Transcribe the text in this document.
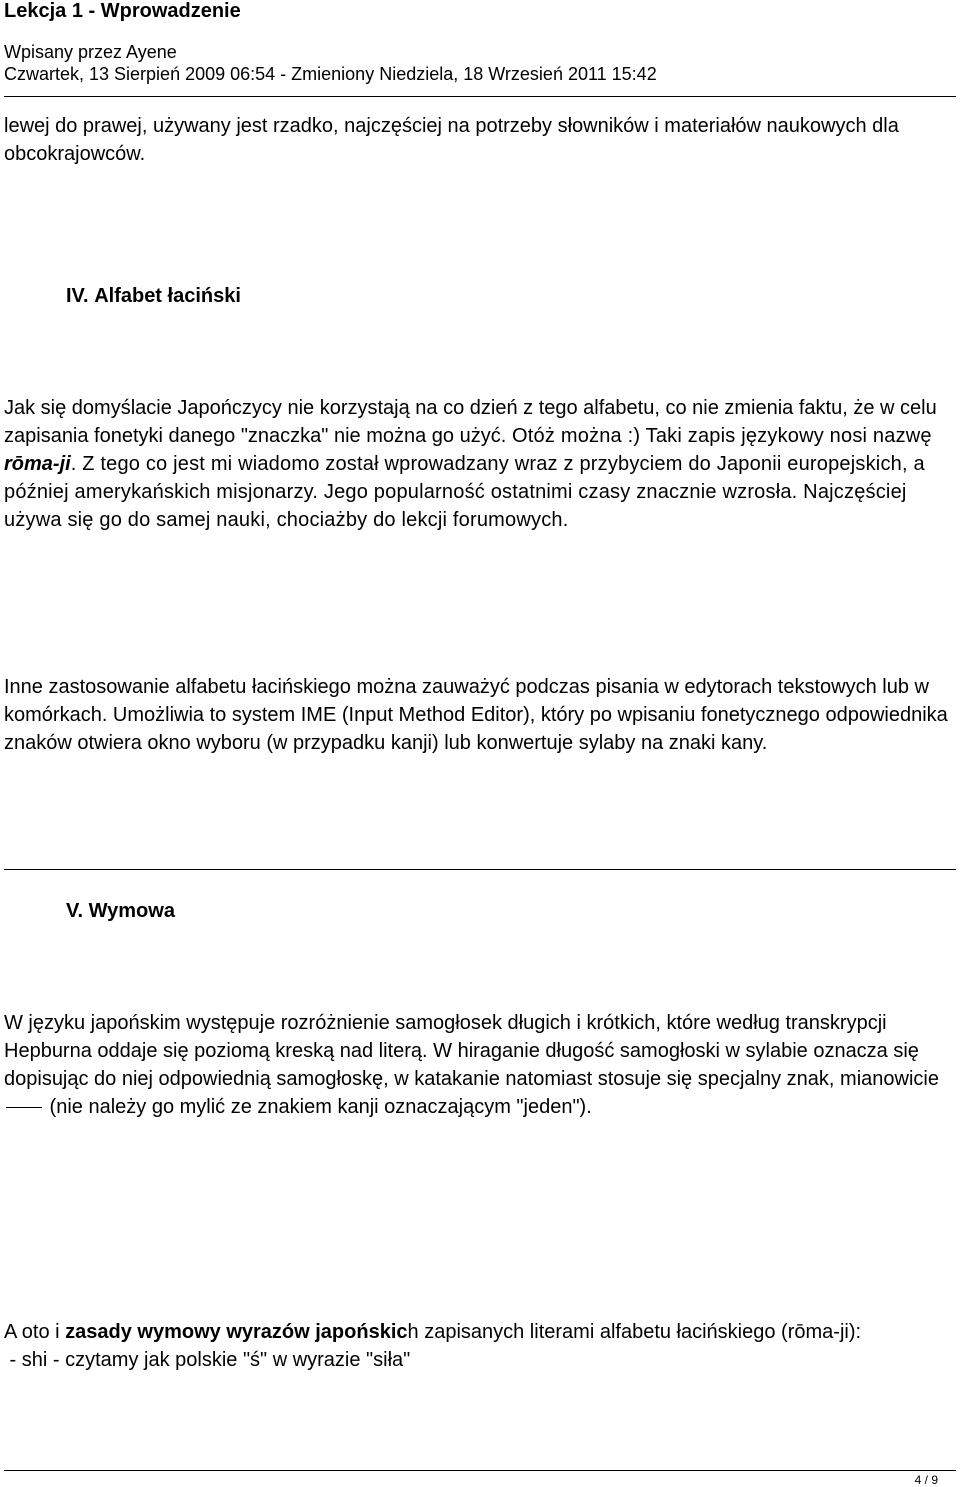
Lekcja 1 - Wprowadzenie
Wpisany przez Ayene
Czwartek, 13 Sierpień 2009 06:54 - Zmieniony Niedziela, 18 Wrzesień 2011 15:42

lewej do prawej, używany jest rzadko, najczęściej na potrzeby słowników i materiałów naukowych dla obcokrajowców.

IV. Alfabet łaciński

Jak się domyślacie Japończycy nie korzystają na co dzień z tego alfabetu, co nie zmienia faktu, że w celu zapisania fonetyki danego "znaczka" nie można go użyć. Otóż można :) Taki zapis językowy nosi nazwę rōma-ji. Z tego co jest mi wiadomo został wprowadzany wraz z przybyciem do Japonii europejskich, a później amerykańskich misjonarzy. Jego popularność ostatnimi czasy znacznie wzrosła. Najczęściej używa się go do samej nauki, chociażby do lekcji forumowych.

Inne zastosowanie alfabetu łacińskiego można zauważyć podczas pisania w edytorach tekstowych lub w komórkach. Umożliwia to system IME (Input Method Editor), który po wpisaniu fonetycznego odpowiednika znaków otwiera okno wyboru (w przypadku kanji) lub konwertuje sylaby na znaki kany.

V. Wymowa

W języku japońskim występuje rozróżnienie samogłosek długich i krótkich, które według transkrypcji Hepburna oddaje się poziomą kreską nad literą. W hiraganie długość samogłoski w sylabie oznacza się dopisując do niej odpowiednią samogłoskę, w katakanie natomiast stosuje się specjalny znak, mianowicie  (nie należy go mylić ze znakiem kanji oznaczającym "jeden").

A oto i zasady wymowy wyrazów japońskich zapisanych literami alfabetu łacińskiego (rōma-ji):

- shi - czytamy jak polskie "ś" w wyrazie "siła"

4 / 9
